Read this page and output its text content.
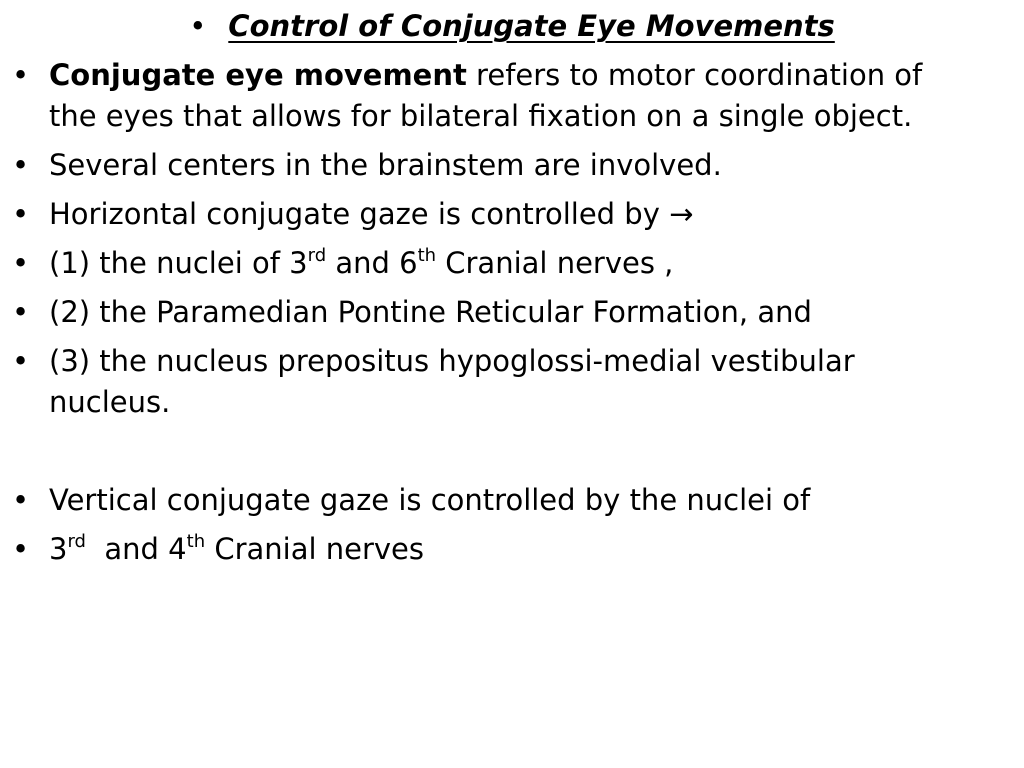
• Control of Conjugate Eye Movements
• Conjugate eye movement refers to motor coordination of
the eyes that allows for bilateral fixation on a single object.
• Several centers in the brainstem are involved.
• Horizontal conjugate gaze is controlled by →
• (1) the nuclei of 3rd and 6th Cranial nerves ,
• (2) the Paramedian Pontine Reticular Formation, and
• (3) the nucleus prepositus hypoglossi-medial vestibular
nucleus.
• Vertical conjugate gaze is controlled by the nuclei of
• 3rd  and 4th Cranial nerves
